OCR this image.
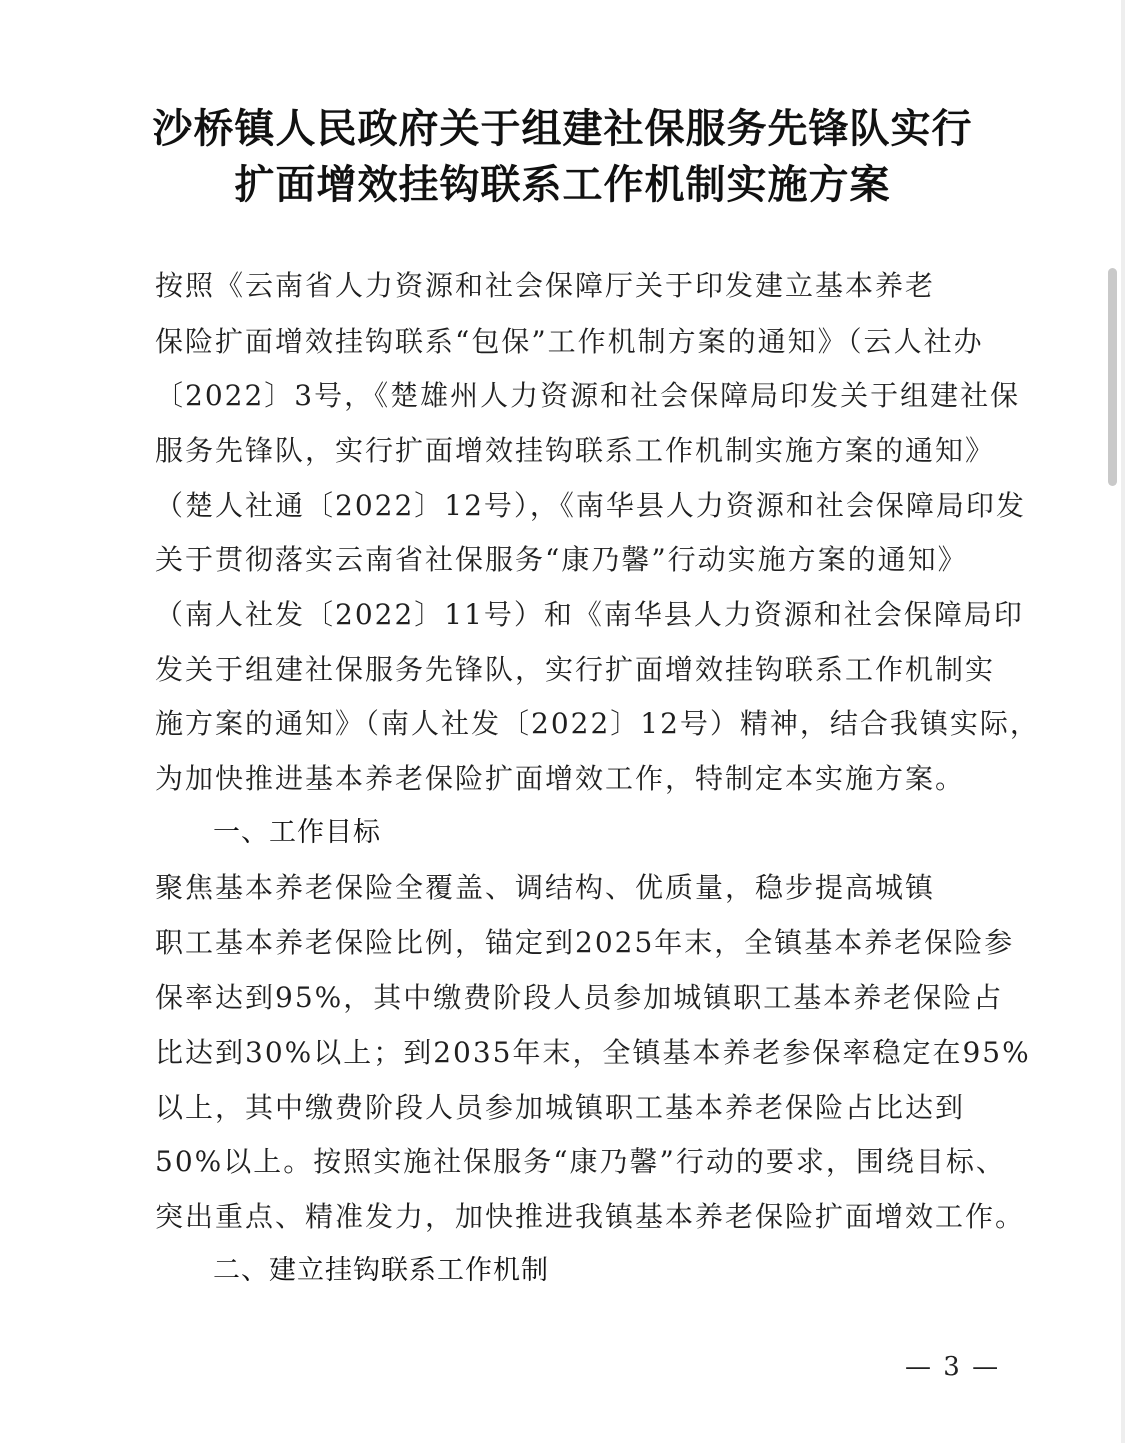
沙桥镇人民政府关于组建社保服务先锋队实行
扩面增效挂钩联系工作机制实施方案
按照《云南省人力资源和社会保障厅关于印发建立基本养老
保险扩面增效挂钩联系“包保”工作机制方案的通知》（云人社办
〔2022〕3号，《楚雄州人力资源和社会保障局印发关于组建社保
服务先锋队，实行扩面增效挂钩联系工作机制实施方案的通知》
（楚人社通〔2022〕12号），《南华县人力资源和社会保障局印发
关于贯彻落实云南省社保服务“康乃馨”行动实施方案的通知》
（南人社发〔2022〕11号）和《南华县人力资源和社会保障局印
发关于组建社保服务先锋队，实行扩面增效挂钩联系工作机制实
施方案的通知》（南人社发〔2022〕12号）精神，结合我镇实际，
为加快推进基本养老保险扩面增效工作，特制定本实施方案。
一、工作目标
聚焦基本养老保险全覆盖、调结构、优质量，稳步提高城镇
职工基本养老保险比例，锚定到2025年末，全镇基本养老保险参
保率达到95%，其中缴费阶段人员参加城镇职工基本养老保险占
比达到30%以上；到2035年末，全镇基本养老参保率稳定在95%
以上，其中缴费阶段人员参加城镇职工基本养老保险占比达到
50%以上。按照实施社保服务“康乃馨”行动的要求，围绕目标、
突出重点、精准发力，加快推进我镇基本养老保险扩面增效工作。
二、建立挂钩联系工作机制
— 3 —
